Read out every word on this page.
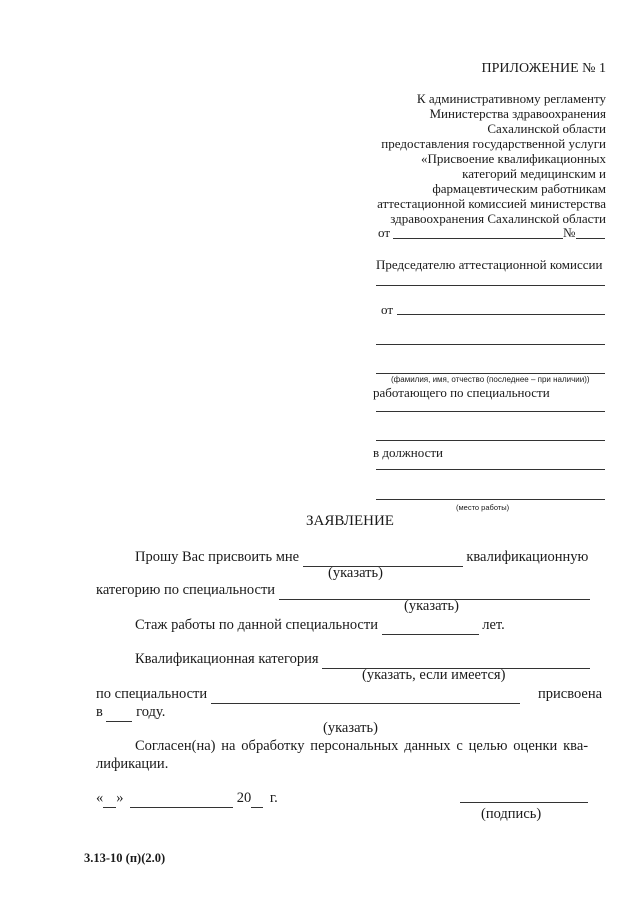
ПРИЛОЖЕНИЕ № 1
К административному регламенту
Министерства здравоохранения
Сахалинской области
предоставления государственной услуги
«Присвоение квалификационных
категорий медицинским и
фармацевтическим работникам
аттестационной комиссией министерства
здравоохранения Сахалинской области
от	№
Председателю аттестационной комиссии
от
(фамилия, имя, отчество (последнее – при наличии))
работающего по специальности
в должности
(место работы)
ЗАЯВЛЕНИЕ
Прошу Вас присвоить мне	квалификационную
(указать)
категорию по специальности
(указать)
Стаж работы по данной специальности	лет.
Квалификационная категория
(указать, если имеется)
по специальности	присвоена
в году.
(указать)
Согласен(на) на обработку персональных данных с целью оценки ква-
лификации.
« »	20 г.
(подпись)
3.13-10 (п)(2.0)
